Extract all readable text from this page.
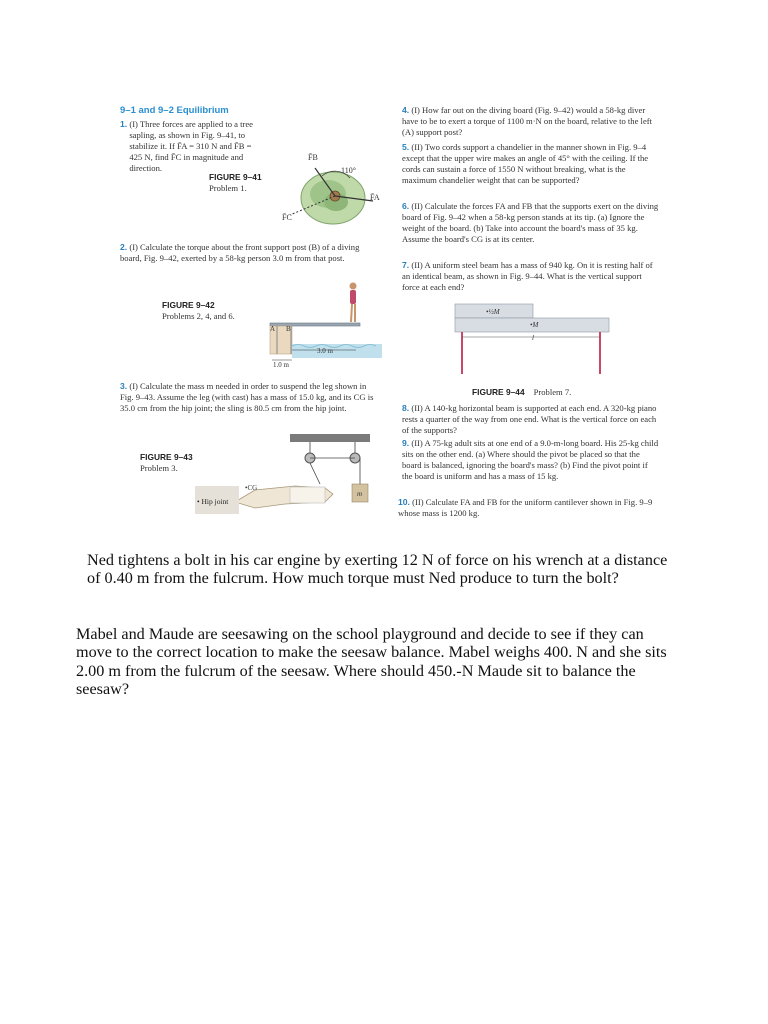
9–1 and 9–2 Equilibrium

1. (I) Three forces are applied to a tree sapling, as shown in Fig. 9–41, to stabilize it. If F̄A = 310 N and F̄B = 425 N, find F̄C in magnitude and direction.

FIGURE 9–41
Problem 1.
110°
F̄B
F̄A
F̄C

2. (I) Calculate the torque about the front support post (B) of a diving board, Fig. 9–42, exerted by a 58-kg person 3.0 m from that post.

FIGURE 9–42
Problems 2, 4, and 6.
A B
3.0 m
1.0 m

3. (I) Calculate the mass m needed in order to suspend the leg shown in Fig. 9–43. Assume the leg (with cast) has a mass of 15.0 kg, and its CG is 35.0 cm from the hip joint; the sling is 80.5 cm from the hip joint.

FIGURE 9–43
Problem 3.
m
•CG
• Hip joint

4. (I) How far out on the diving board (Fig. 9–42) would a 58-kg diver have to be to exert a torque of 1100 m·N on the board, relative to the left (A) support post?

5. (II) Two cords support a chandelier in the manner shown in Fig. 9–4 except that the upper wire makes an angle of 45° with the ceiling. If the cords can sustain a force of 1550 N without breaking, what is the maximum chandelier weight that can be supported?

6. (II) Calculate the forces FA and FB that the supports exert on the diving board of Fig. 9–42 when a 58-kg person stands at its tip. (a) Ignore the weight of the board. (b) Take into account the board's mass of 35 kg. Assume the board's CG is at its center.

7. (II) A uniform steel beam has a mass of 940 kg. On it is resting half of an identical beam, as shown in Fig. 9–44. What is the vertical support force at each end?

•½M
•M
l
FIGURE 9–44 Problem 7.

8. (II) A 140-kg horizontal beam is supported at each end. A 320-kg piano rests a quarter of the way from one end. What is the vertical force on each of the supports?

9. (II) A 75-kg adult sits at one end of a 9.0-m-long board. His 25-kg child sits on the other end. (a) Where should the pivot be placed so that the board is balanced, ignoring the board's mass? (b) Find the pivot point if the board is uniform and has a mass of 15 kg.

10. (II) Calculate FA and FB for the uniform cantilever shown in Fig. 9–9 whose mass is 1200 kg.

Ned tightens a bolt in his car engine by exerting 12 N of force on his wrench at a distance of 0.40 m from the fulcrum. How much torque must Ned produce to turn the bolt?

Mabel and Maude are seesawing on the school playground and decide to see if they can move to the correct location to make the seesaw balance. Mabel weighs 400. N and she sits 2.00 m from the fulcrum of the seesaw. Where should 450.-N Maude sit to balance the seesaw?
